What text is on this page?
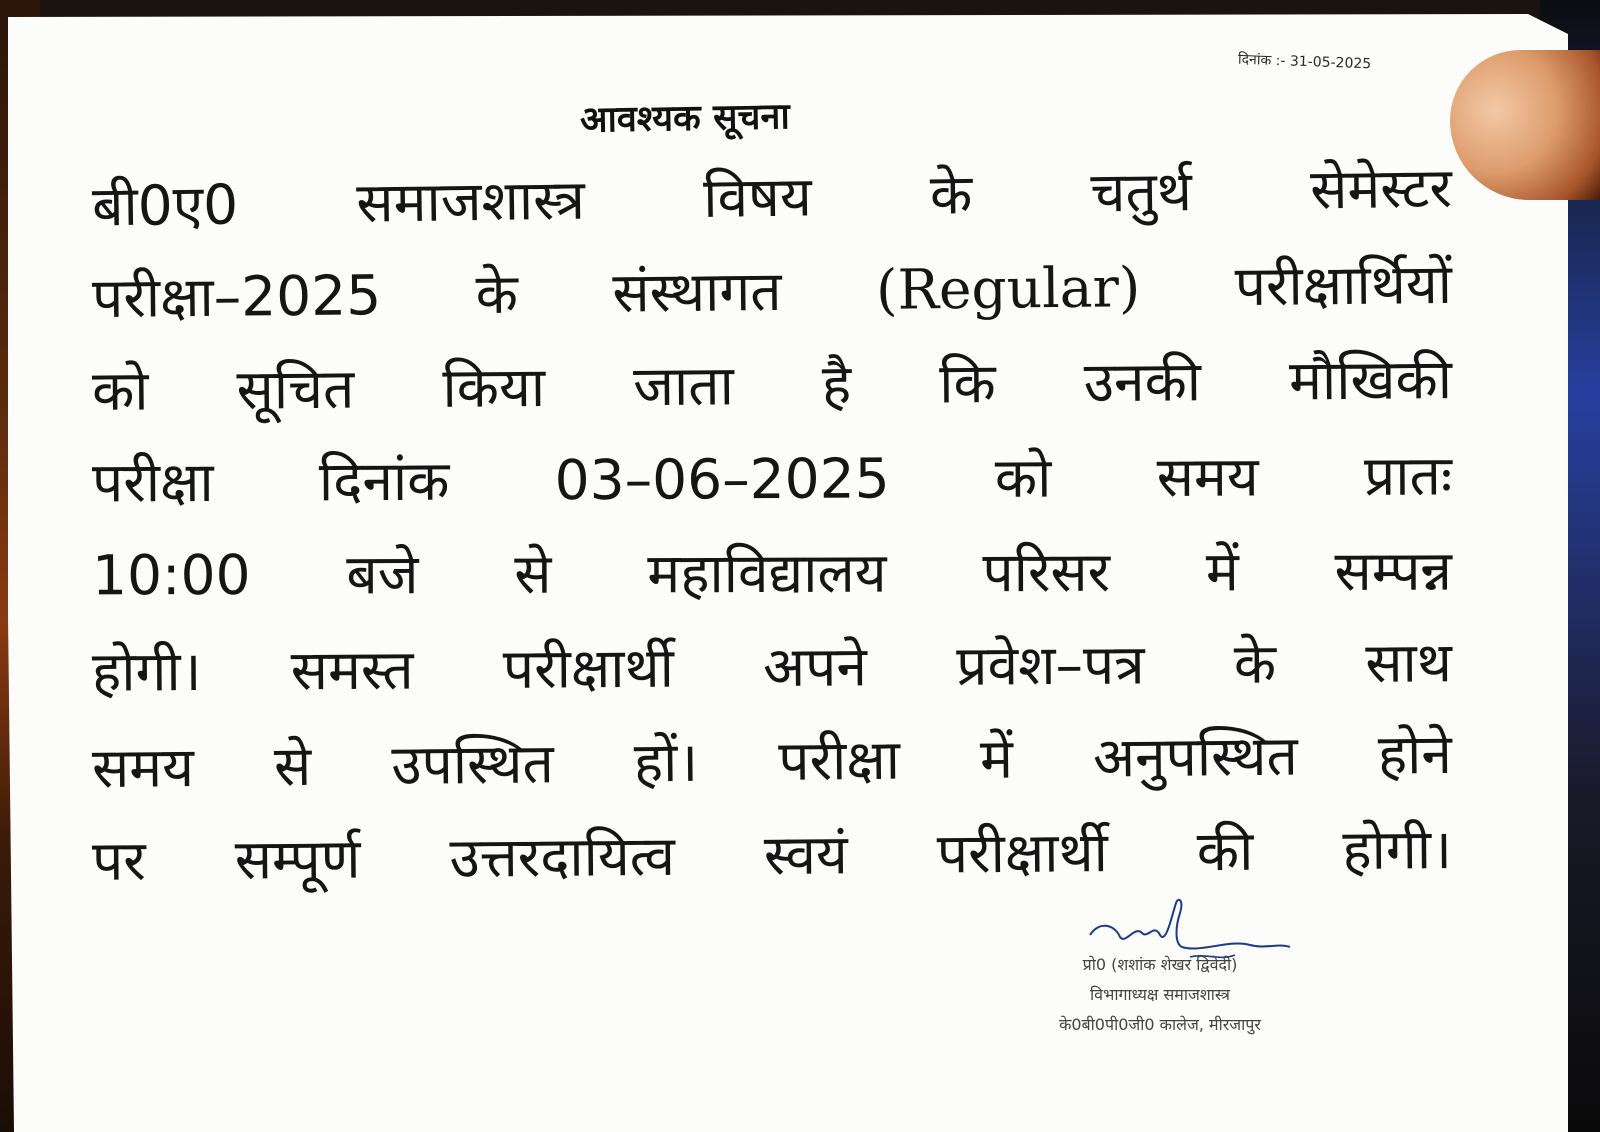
दिनांक :- 31-05-2025
आवश्यक सूचना
बी0ए0 समाजशास्त्र विषय के चतुर्थ सेमेस्टर
परीक्षा–2025 के संस्थागत (Regular) परीक्षार्थियों
को सूचित किया जाता है कि उनकी मौखिकी
परीक्षा दिनांक 03–06–2025 को समय प्रातः
10:00 बजे से महाविद्यालय परिसर में सम्पन्न
होगी। समस्त परीक्षार्थी अपने प्रवेश–पत्र के साथ
समय से उपस्थित हों। परीक्षा में अनुपस्थित होने
पर सम्पूर्ण उत्तरदायित्व स्वयं परीक्षार्थी की होगी।
प्रो0 (शशांक शेखर द्विवेदी)
विभागाध्यक्ष समाजशास्त्र
के0बी0पी0जी0 कालेज, मीरजापुर
